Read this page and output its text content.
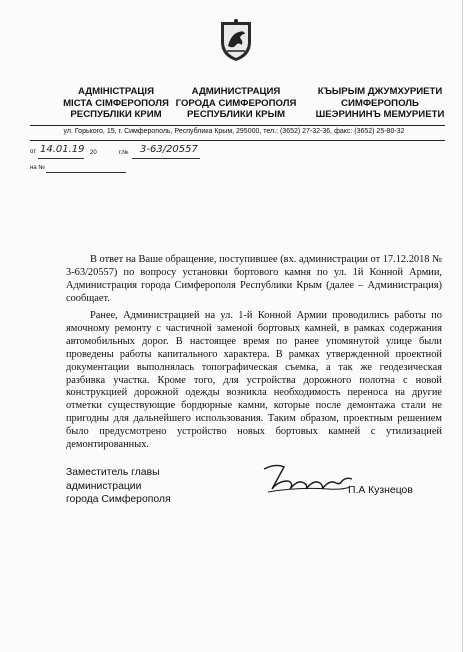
АДМІНІСТРАЦІЯ
МІСТА СІМФЕРОПОЛЯ
РЕСПУБЛІКИ КРИМ
АДМИНИСТРАЦИЯ
ГОРОДА СИМФЕРОПОЛЯ
РЕСПУБЛИКИ КРЫМ
КЪЫРЫМ ДЖУМХУРИЕТИ
СИМФЕРОПОЛЬ
ШЕЭРИНИНЪ МЕМУРИЕТИ
ул. Горького, 15, г. Симферополь, Республика Крым, 295000, тел.: (3652) 27-32-36, факс: (3652) 25-80-32
от 14.01.19 20	г.№ 3-63/20557
на №

В ответ на Ваше обращение, поступившее (вх. администрации от 17.12.2018 № 3-63/20557) по вопросу установки бортового камня по ул. 1й Конной Армии, Администрация города Симферополя Республики Крым (далее – Администрация) сообщает.

Ранее, Администрацией на ул. 1-й Конной Армии проводились работы по ямочному ремонту с частичной заменой бортовых камней, в рамках содержания автомобильных дорог. В настоящее время по ранее упомянутой улице были проведены работы капитального характера. В рамках утвержденной проектной документации выполнялась топографическая съемка, а так же геодезическая разбивка участка. Кроме того, для устройства дорожного полотна с новой конструкцией дорожной одежды возникла необходимость переноса на другие отметки существующие бордюрные камни, которые после демонтажа стали не пригодны для дальнейшего использования. Таким образом, проектным решением было предусмотрено устройство новых бортовых камней с утилизацией демонтированных.

Заместитель главы
администрации
города Симферополя
П.А Кузнецов
